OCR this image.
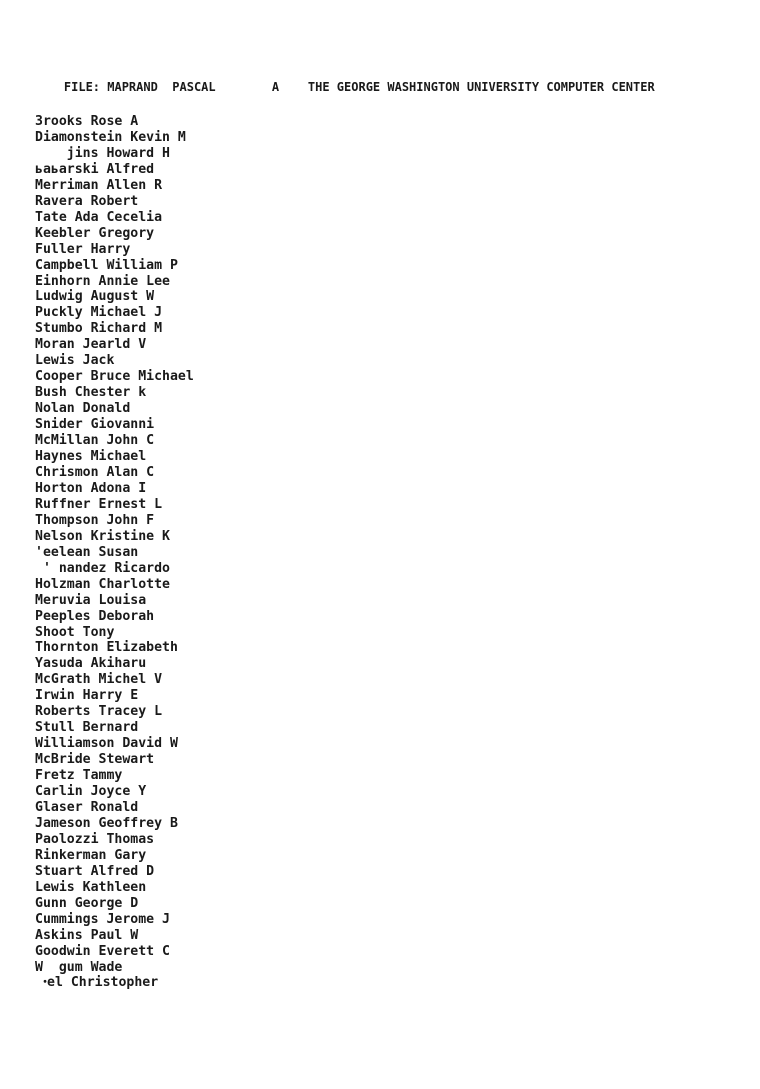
FILE: MAPRAND  PASCAL	A THE GEORGE WASHINGTON UNIVERSITY COMPUTER CENTER

3rooks Rose A
Diamonstein Kevin M
jins Howard H
ьаьarski Alfred
Merriman Allen R
Ravera Robert
Tate Ada Cecelia
Keebler Gregory
Fuller Harry
Campbell William P
Einhorn Annie Lee
Ludwig August W
Puckly Michael J
Stumbo Richard M
Moran Jearld V
Lewis Jack
Cooper Bruce Michael
Bush Chester k
Nolan Donald
Snider Giovanni
McMillan John C
Haynes Michael
Chrismon Alan C
Horton Adona I
Ruffner Ernest L
Thompson John F
Nelson Kristine K
'eelean Susan
' nandez Ricardo
Holzman Charlotte
Meruvia Louisa
Peeples Deborah
Shoot Tony
Thornton Elizabeth
Yasuda Akiharu
McGrath Michel V
Irwin Harry E
Roberts Tracey L
Stull Bernard
Williamson David W
McBride Stewart
Fretz Tammy
Carlin Joyce Y
Glaser Ronald
Jameson Geoffrey B
Paolozzi Thomas
Rinkerman Gary
Stuart Alfred D
Lewis Kathleen
Gunn George D
Cummings Jerome J
Askins Paul W
Goodwin Everett C
W  gum Wade
ꞏel Christopher
